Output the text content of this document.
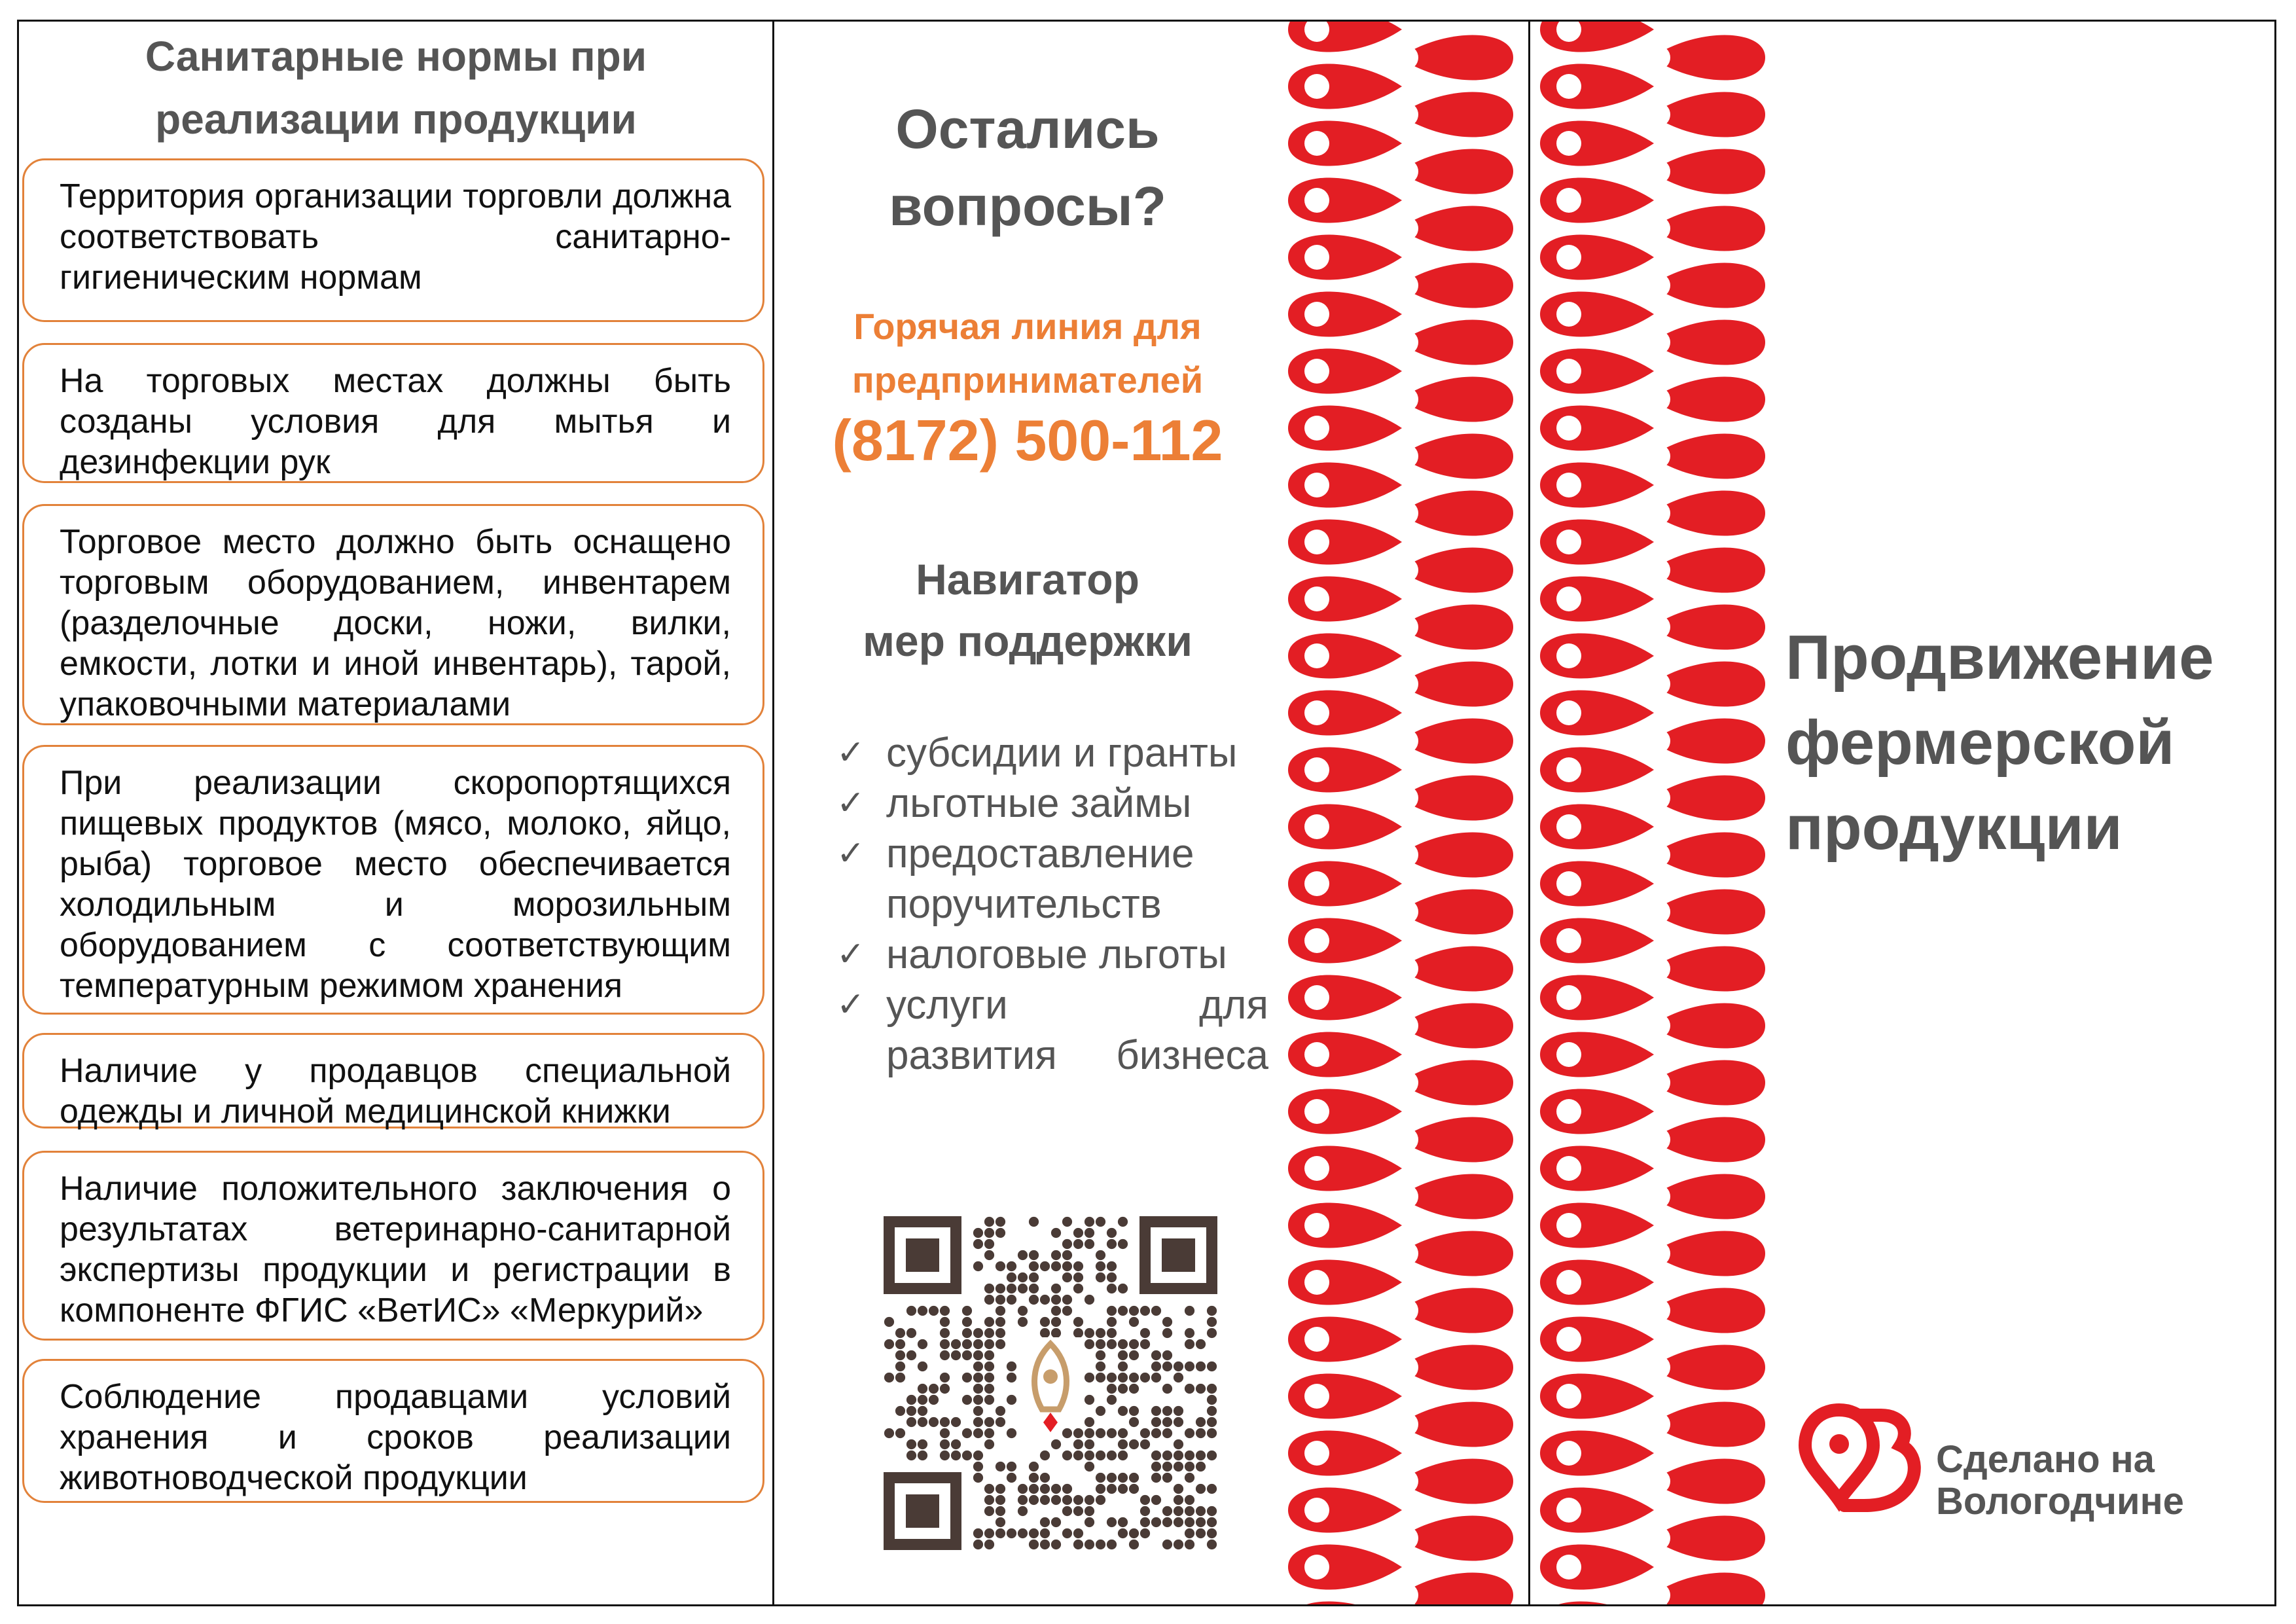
Санитарные нормы при
реализации продукции
Территория организации торговли должна соответствовать санитарно-гигиеническим нормам
На торговых местах должны быть созданы условия для мытья и дезинфекции рук
Торговое место должно быть оснащено торговым оборудованием, инвентарем (разделочные доски, ножи, вилки, емкости, лотки и иной инвентарь), тарой, упаковочными материалами
При реализации скоропортящихся пищевых продуктов (мясо, молоко, яйцо, рыба) торговое место обеспечивается холодильным и морозильным оборудованием с соответствующим температурным режимом хранения
Наличие у продавцов специальной одежды и личной медицинской книжки
Наличие положительного заключения о результатах ветеринарно-санитарной экспертизы продукции и регистрации в компоненте ФГИС «ВетИС» «Меркурий»
Соблюдение продавцами условий хранения и сроков реализации животноводческой продукции
Остались
вопросы?
Горячая линия для
предпринимателей
(8172) 500-112
Навигатор
мер поддержки
✓ субсидии и гранты
✓ льготные займы
✓ предоставление поручительств
✓ налоговые льготы
✓ услуги для развития бизнеса
Продвижение
фермерской
продукции
Сделано на
Вологодчине
